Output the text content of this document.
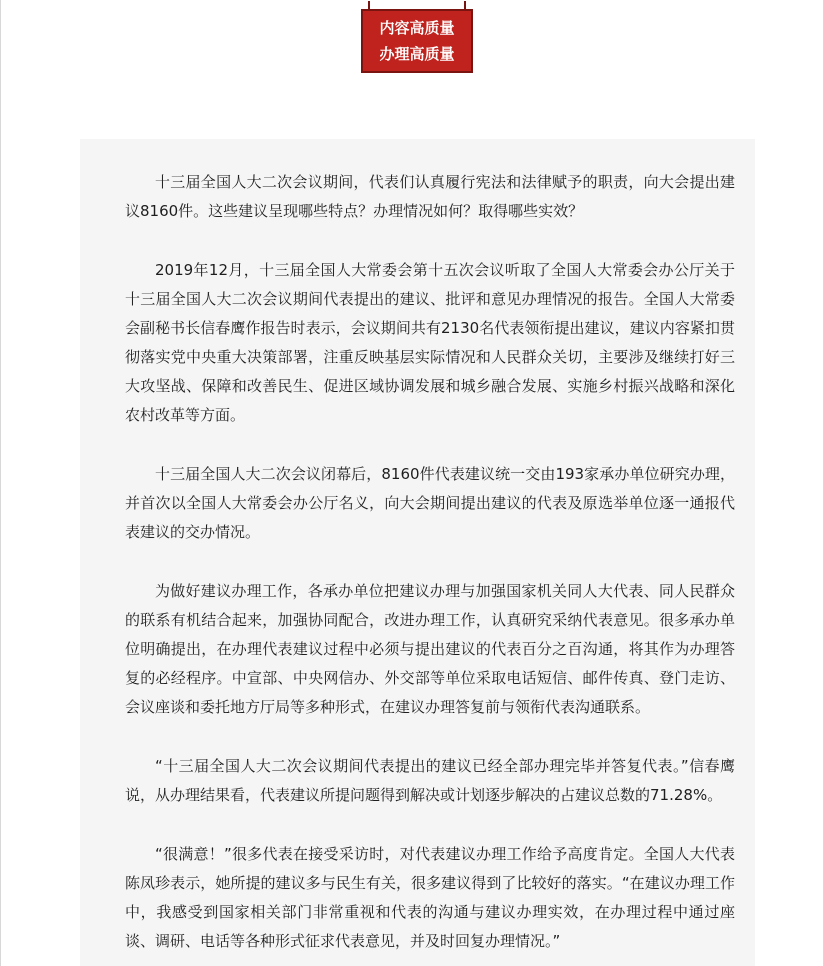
内容高质量
办理高质量

十三届全国人大二次会议期间，代表们认真履行宪法和法律赋予的职责，向大会提出建议8160件。这些建议呈现哪些特点？办理情况如何？取得哪些实效？

2019年12月，十三届全国人大常委会第十五次会议听取了全国人大常委会办公厅关于十三届全国人大二次会议期间代表提出的建议、批评和意见办理情况的报告。全国人大常委会副秘书长信春鹰作报告时表示，会议期间共有2130名代表领衔提出建议，建议内容紧扣贯彻落实党中央重大决策部署，注重反映基层实际情况和人民群众关切，主要涉及继续打好三大攻坚战、保障和改善民生、促进区域协调发展和城乡融合发展、实施乡村振兴战略和深化农村改革等方面。

十三届全国人大二次会议闭幕后，8160件代表建议统一交由193家承办单位研究办理，并首次以全国人大常委会办公厅名义，向大会期间提出建议的代表及原选举单位逐一通报代表建议的交办情况。

为做好建议办理工作，各承办单位把建议办理与加强国家机关同人大代表、同人民群众的联系有机结合起来，加强协同配合，改进办理工作，认真研究采纳代表意见。很多承办单位明确提出，在办理代表建议过程中必须与提出建议的代表百分之百沟通，将其作为办理答复的必经程序。中宣部、中央网信办、外交部等单位采取电话短信、邮件传真、登门走访、会议座谈和委托地方厅局等多种形式，在建议办理答复前与领衔代表沟通联系。

“十三届全国人大二次会议期间代表提出的建议已经全部办理完毕并答复代表。”信春鹰说，从办理结果看，代表建议所提问题得到解决或计划逐步解决的占建议总数的71.28%。

“很满意！”很多代表在接受采访时，对代表建议办理工作给予高度肯定。全国人大代表陈凤珍表示，她所提的建议多与民生有关，很多建议得到了比较好的落实。“在建议办理工作中，我感受到国家相关部门非常重视和代表的沟通与建议办理实效，在办理过程中通过座谈、调研、电话等各种形式征求代表意见，并及时回复办理情况。”
